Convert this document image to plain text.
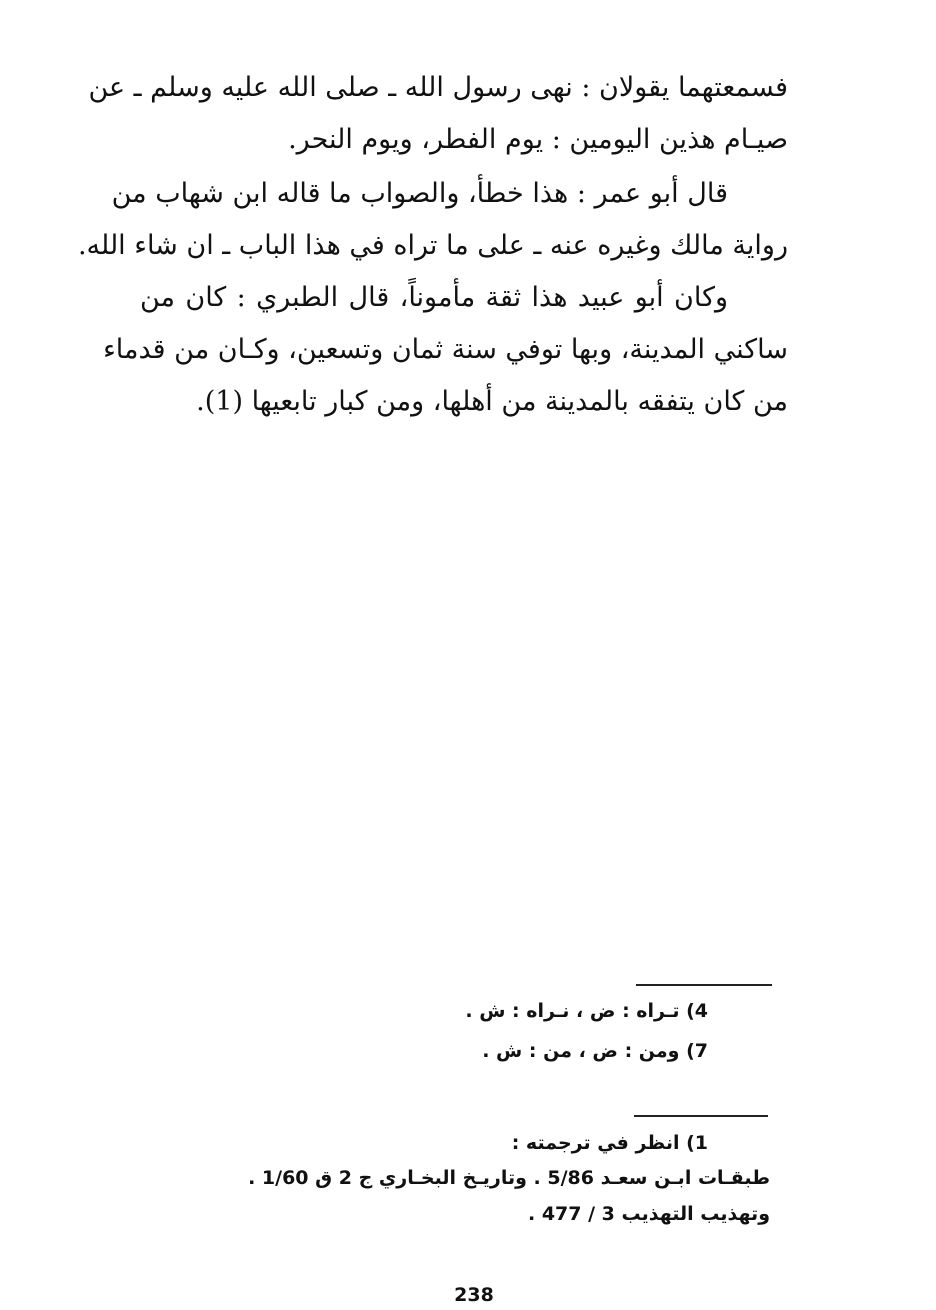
فسمعتهما يقولان : نهى رسول الله ـ صلى الله عليه وسلم ـ عن
صيـام هذين اليومين : يوم الفطر، ويوم النحر.
قال أبو عمر : هذا خطأ، والصواب ما قاله ابن شهاب من
رواية مالك وغيره عنه ـ على ما تراه في هذا الباب ـ ان شاء الله.
وكان أبو عبيد هذا ثقة مأموناً، قال الطبري : كان من
ساكني المدينة، وبها توفي سنة ثمان وتسعين، وكـان من قدماء
من كان يتفقه بالمدينة من أهلها، ومن كبار تابعيها (1).
4) تـراه : ض ، نـراه : ش .
7) ومن : ض ، من : ش .
1) انظر في ترجمته :
طبقـات ابـن سعـد 5/86 . وتاريـخ البخـاري ج 2 ق 1/60 .
وتهذيب التهذيب 3 / 477 .
238
